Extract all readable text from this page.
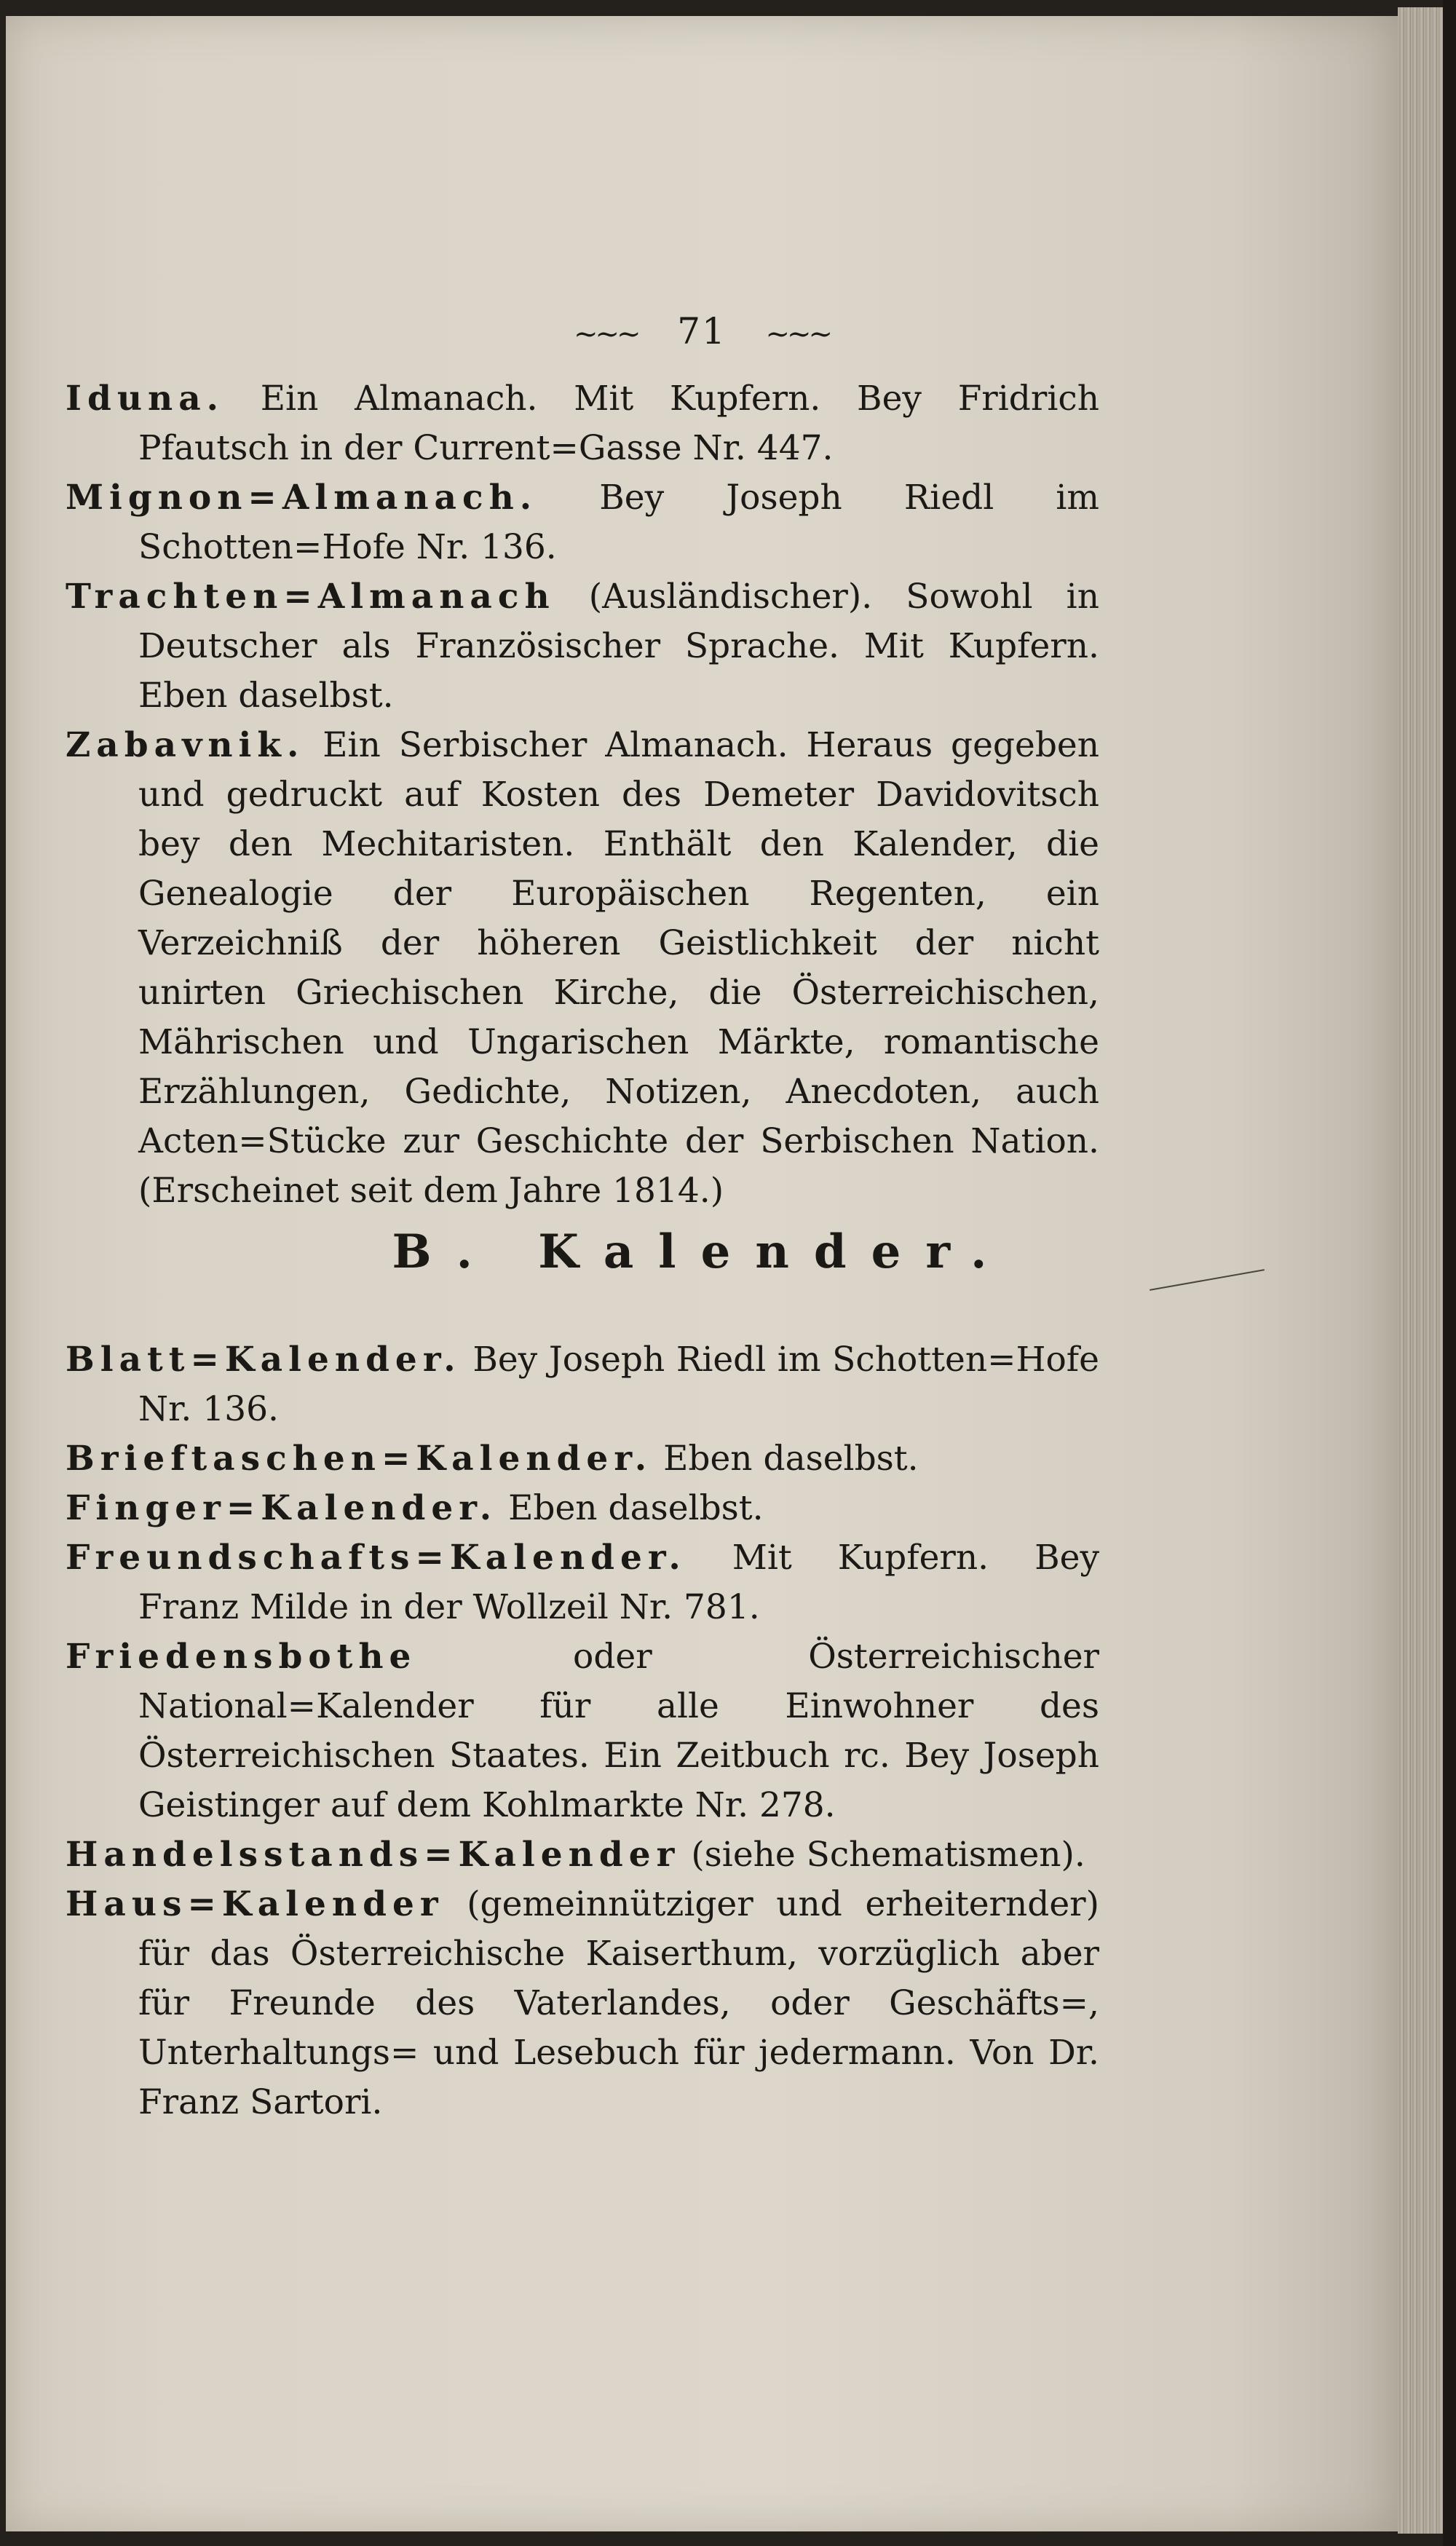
~~~ 71 ~~~
Iduna. Ein Almanach. Mit Kupfern. Bey Fridrich Pfautsch in der Current=Gasse Nr. 447.
Mignon=Almanach. Bey Joseph Riedl im Schotten=Hofe Nr. 136.
Trachten=Almanach (Ausländischer). Sowohl in Deutscher als Französischer Sprache. Mit Kupfern. Eben daselbst.
Zabavnik. Ein Serbischer Almanach. Heraus gegeben und gedruckt auf Kosten des Demeter Davidovitsch bey den Mechitaristen. Enthält den Kalender, die Genealogie der Europäischen Regenten, ein Verzeichniß der höheren Geistlichkeit der nicht unirten Griechischen Kirche, die Österreichischen, Mährischen und Ungarischen Märkte, romantische Erzählungen, Gedichte, Notizen, Anecdoten, auch Acten=Stücke zur Geschichte der Serbischen Nation. (Erscheinet seit dem Jahre 1814.)
B. Kalender.
Blatt=Kalender. Bey Joseph Riedl im Schotten=Hofe Nr. 136.
Brieftaschen=Kalender. Eben daselbst.
Finger=Kalender. Eben daselbst.
Freundschafts=Kalender. Mit Kupfern. Bey Franz Milde in der Wollzeil Nr. 781.
Friedensbothe	oder Österreichischer National=Kalender für alle Einwohner des Österreichischen Staates. Ein Zeitbuch rc. Bey Joseph Geistinger auf dem Kohlmarkte Nr. 278.
Handelsstands=Kalender (siehe Schematismen).
Haus=Kalender (gemeinnütziger und erheiternder) für das Österreichische Kaiserthum, vorzüglich aber für Freunde des Vaterlandes, oder Geschäfts=, Unterhaltungs= und Lesebuch für jedermann. Von Dr. Franz Sartori.
